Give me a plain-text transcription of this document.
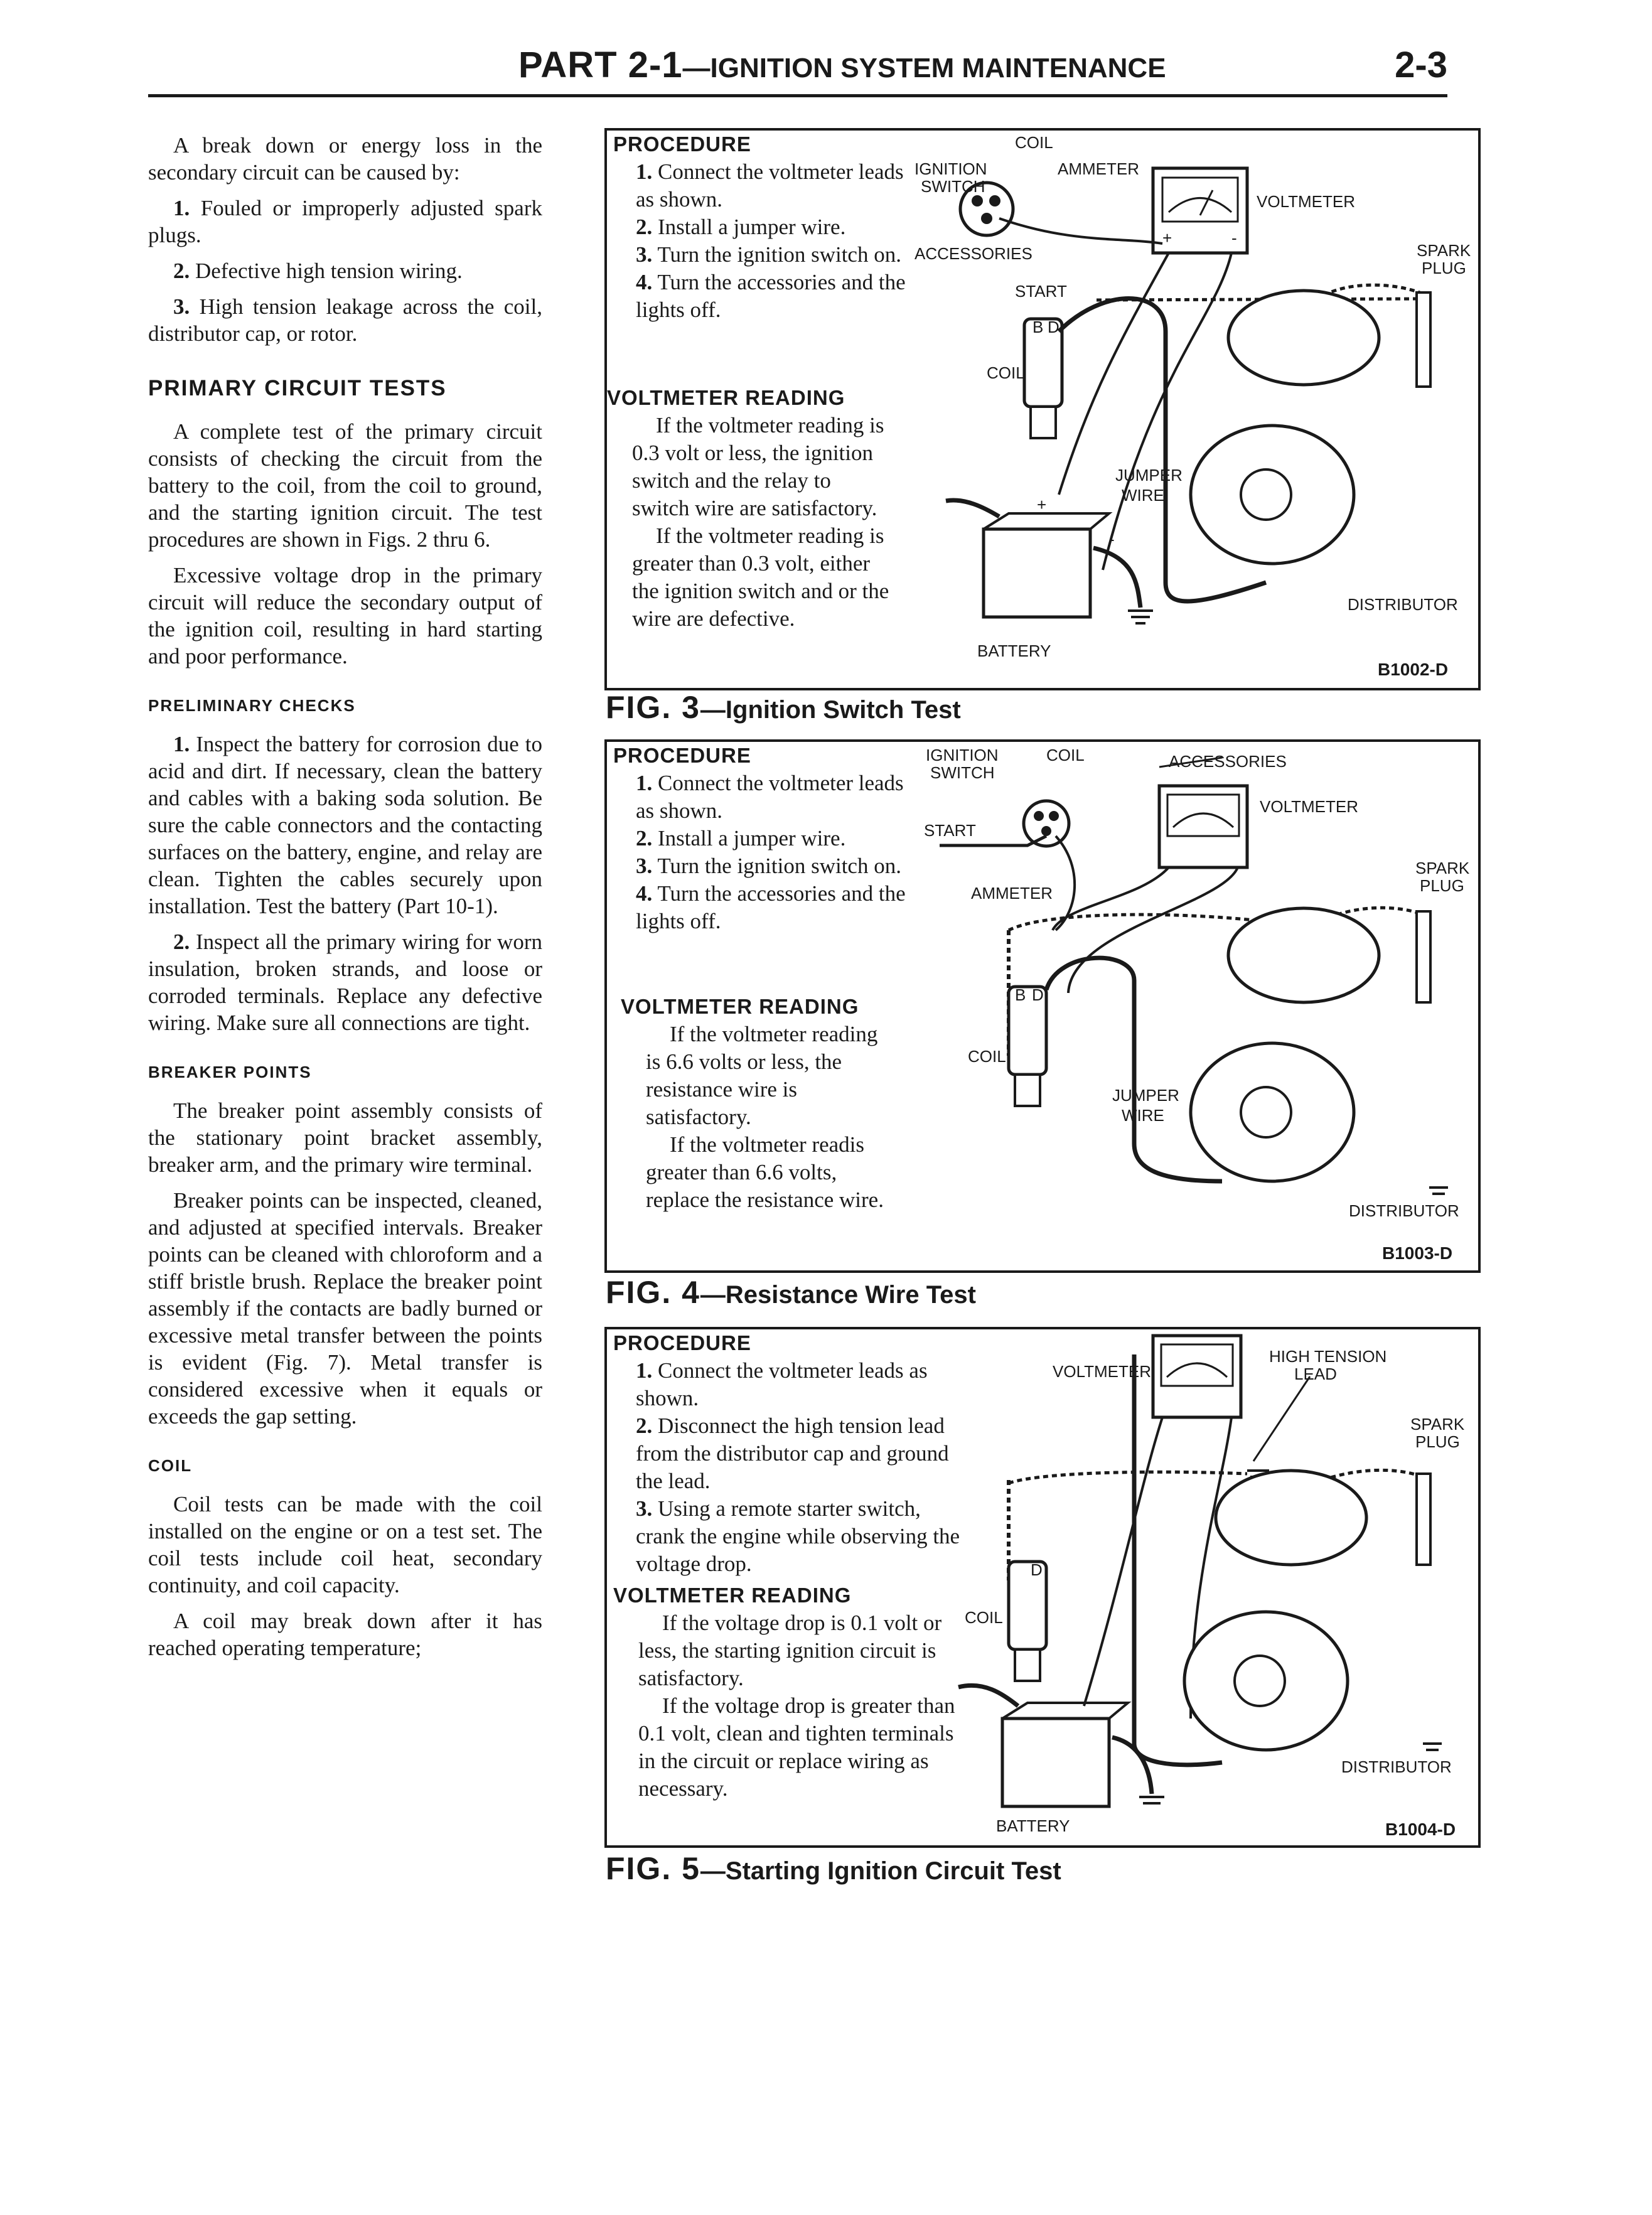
PART 2-1—IGNITION SYSTEM MAINTENANCE	2-3

A break down or energy loss in the secondary circuit can be caused by:

1. Fouled or improperly adjusted spark plugs.

2. Defective high tension wiring.

3. High tension leakage across the coil, distributor cap, or rotor.

PRIMARY CIRCUIT TESTS

A complete test of the primary circuit consists of checking the circuit from the battery to the coil, from the coil to ground, and the starting ignition circuit. The test procedures are shown in Figs. 2 thru 6.

Excessive voltage drop in the primary circuit will reduce the secondary output of the ignition coil, resulting in hard starting and poor performance.

PRELIMINARY CHECKS

1. Inspect the battery for corrosion due to acid and dirt. If necessary, clean the battery and cables with a baking soda solution. Be sure the cable connectors and the contacting surfaces on the battery, engine, and relay are clean. Tighten the cables securely upon installation. Test the battery (Part 10-1).

2. Inspect all the primary wiring for worn insulation, broken strands, and loose or corroded terminals. Replace any defective wiring. Make sure all connections are tight.

BREAKER POINTS

The breaker point assembly consists of the stationary point bracket assembly, breaker arm, and the primary wire terminal.

Breaker points can be inspected, cleaned, and adjusted at specified intervals. Breaker points can be cleaned with chloroform and a stiff bristle brush. Replace the breaker point assembly if the contacts are badly burned or excessive metal transfer between the points is evident (Fig. 7). Metal transfer is considered excessive when it equals or exceeds the gap setting.

COIL

Coil tests can be made with the coil installed on the engine or on a test set. The coil tests include coil heat, secondary continuity, and coil capacity.

A coil may break down after it has reached operating temperature;

PROCEDURE

1. Connect the voltmeter leads as shown.

2. Install a jumper wire.

3. Turn the ignition switch on.

4. Turn the accessories and the lights off.

VOLTMETER READING

If the voltmeter reading is 0.3 volt or less, the ignition switch and the relay to switch wire are satisfactory.

If the voltmeter reading is greater than 0.3 volt, either the ignition switch and or the wire are defective.

+	-
B D
COIL
IGNITION
SWITCH
AMMETER
VOLTMETER
ACCESSORIES
START
SPARK
PLUG
COIL
JUMPER
WIRE
+
-
BATTERY
DISTRIBUTOR
B1002-D
FIG. 3—Ignition Switch Test
PROCEDURE

1. Connect the voltmeter leads as shown.

2. Install a jumper wire.

3. Turn the ignition switch on.

4. Turn the accessories and the lights off.

VOLTMETER READING

If the voltmeter reading is 6.6 volts or less, the resistance wire is satisfactory.

If the voltmeter readis greater than 6.6 volts, replace the resistance wire.

B D
IGNITION
SWITCH
COIL	ACCESSORIES
VOLTMETER
START
AMMETER
SPARK
PLUG
COIL
JUMPER
WIRE
DISTRIBUTOR
B1003-D
FIG. 4—Resistance Wire Test
PROCEDURE

1. Connect the voltmeter leads as shown.

2. Disconnect the high tension lead from the distributor cap and ground the lead.

3. Using a remote starter switch, crank the engine while observing the voltage drop.

VOLTMETER READING

If the voltage drop is 0.1 volt or less, the starting ignition circuit is satisfactory.

If the voltage drop is greater than 0.1 volt, clean and tighten terminals in the circuit or replace wiring as necessary.

D
VOLTMETER
HIGH TENSION
LEAD
SPARK
PLUG
COIL
BATTERY
DISTRIBUTOR
B1004-D
FIG. 5—Starting Ignition Circuit Test
